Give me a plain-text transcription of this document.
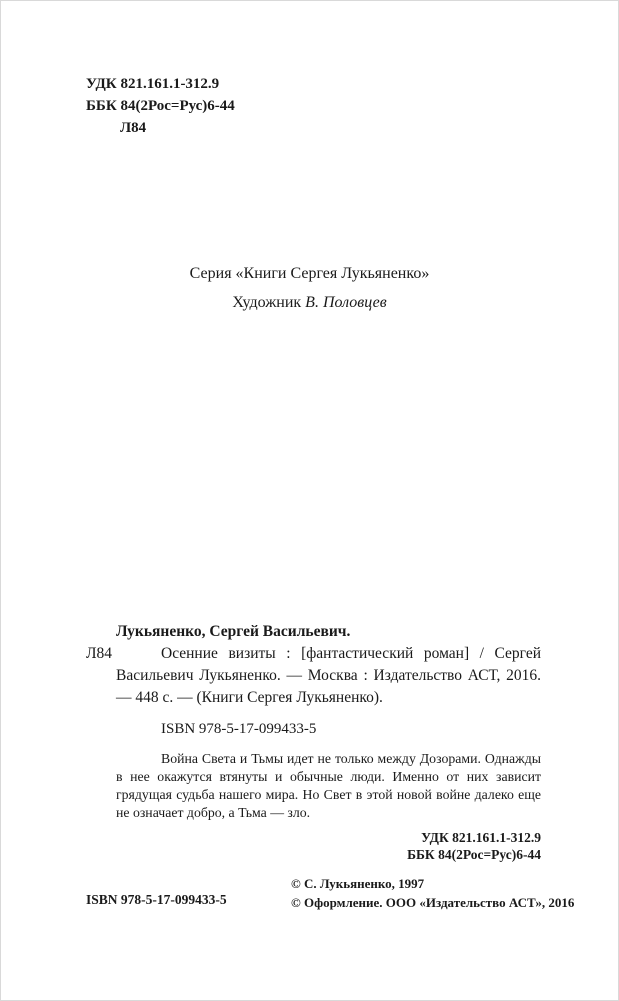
УДК 821.161.1-312.9
ББК 84(2Рос=Рус)6-44
Л84
Серия «Книги Сергея Лукьяненко»
Художник В. Половцев
Лукьяненко, Сергей Васильевич.
Л84	Осенние визиты : [фантастический роман] / Сергей Васильевич Лукьяненко. — Москва : Издательство АСТ, 2016. — 448 с. — (Книги Сергея Лукьяненко).
ISBN 978-5-17-099433-5
Война Света и Тьмы идет не только между Дозорами. Однажды в нее окажутся втянуты и обычные люди. Именно от них зависит грядущая судьба нашего мира. Но Свет в этой новой войне далеко еще не означает добро, а Тьма — зло.
УДК 821.161.1-312.9
ББК 84(2Рос=Рус)6-44
ISBN 978-5-17-099433-5
© С. Лукьяненко, 1997
© Оформление. ООО «Издательство АСТ», 2016
